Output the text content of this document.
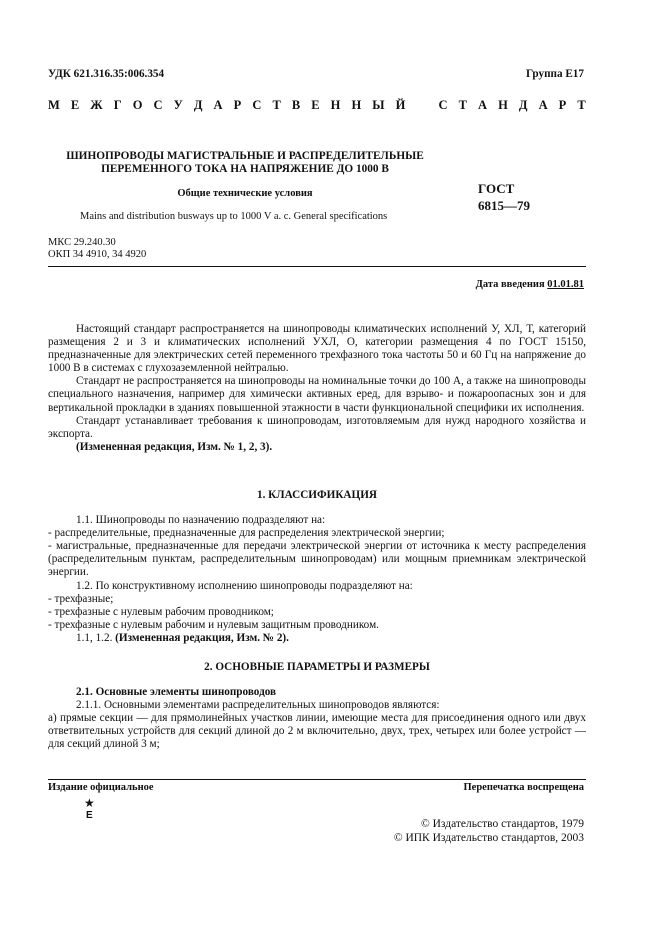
УДК 621.316.35:006.354	Группа Е17
М Е Ж Г О С У Д А Р С Т В Е Н Н Ы Й	С Т А Н Д А Р Т
ШИНОПРОВОДЫ МАГИСТРАЛЬНЫЕ И РАСПРЕДЕЛИТЕЛЬНЫЕ
ПЕРЕМЕННОГО ТОКА НА НАПРЯЖЕНИЕ ДО 1000 В
Общие технические условия
Mains and distribution busways up to 1000 V a. c. General specifications
ГОСТ
6815—79
МКС 29.240.30
ОКП 34 4910, 34 4920
Дата введения 01.01.81

Настоящий стандарт распространяется на шинопроводы климатических исполнений У, ХЛ, Т, категорий размещения 2 и 3 и климатических исполнений УХЛ, О, категории размещения 4 по ГОСТ 15150, предназначенные для электрических сетей переменного трехфазного тока частоты 50 и 60 Гц на напряжение до 1000 В в системах с глухозаземленной нейтралью.

Стандарт не распространяется на шинопроводы на номинальные точки до 100 А, а также на шинопроводы специального назначения, например для химически активных еред, для взрыво- и пожароопасных зон и для вертикальной прокладки в зданиях повышенной этажности в части функциональной специфики их исполнения.

Стандарт устанавливает требования к шинопроводам, изготовляемым для нужд народного хозяйства и экспорта.

(Измененная редакция, Изм. № 1, 2, 3).

1. КЛАССИФИКАЦИЯ

1.1. Шинопроводы по назначению подразделяют на:

- распределительные, предназначенные для распределения электрической энергии;

- магистральные, предназначенные для передачи электрической энергии от источника к месту распределения (распределительным пунктам, распределительным шинопроводам) или мощным приемникам электрической энергии.

1.2. По конструктивному исполнению шинопроводы подразделяют на:

- трехфазные;

- трехфазные с нулевым рабочим проводником;

- трехфазные с нулевым рабочим и нулевым защитным проводником.

1.1, 1.2. (Измененная редакция, Изм. № 2).

2. ОСНОВНЫЕ ПАРАМЕТРЫ И РАЗМЕРЫ

2.1. Основные элементы шинопроводов

2.1.1. Основными элементами распределительных шинопроводов являются:

а) прямые секции — для прямолинейных участков линии, имеющие места для присоединения одного или двух ответвительных устройств для секций длиной до 2 м включительно, двух, трех, четырех или более устройст — для секций длиной 3 м;

Издание официальное	Перепечатка воспрещена
★
Е
© Издательство стандартов, 1979
© ИПК Издательство стандартов, 2003
